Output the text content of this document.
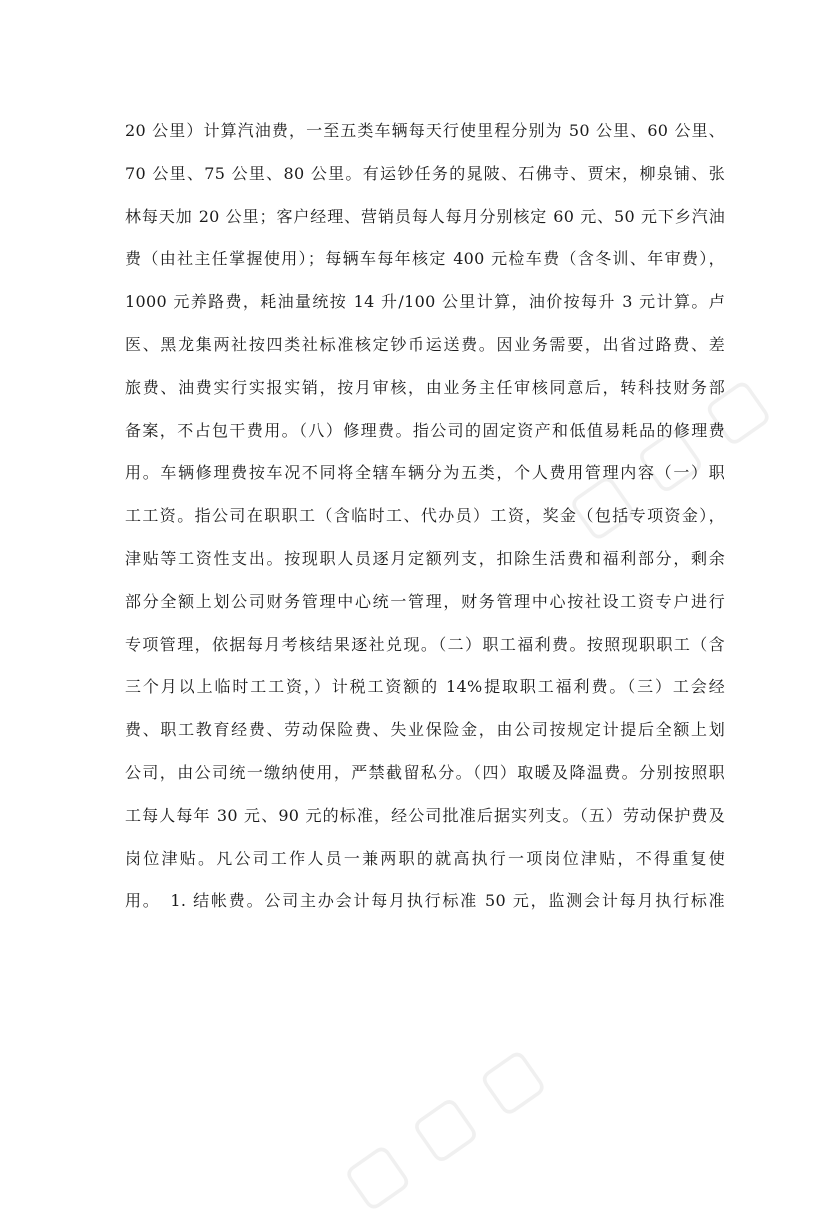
▢ ▢ ▢
▢ ▢ ▢
20 公里）计算汽油费，一至五类车辆每天行使里程分别为 50 公里、60 公里、
70 公里、75 公里、80 公里。有运钞任务的晁陂、石佛寺、贾宋，柳泉铺、张
林每天加 20 公里；客户经理、营销员每人每月分别核定 60 元、50 元下乡汽油
费（由社主任掌握使用）；每辆车每年核定 400 元检车费（含冬训、年审费），
1000 元养路费，耗油量统按 14 升/100 公里计算，油价按每升 3 元计算。卢
医、黑龙集两社按四类社标准核定钞币运送费。因业务需要，出省过路费、差
旅费、油费实行实报实销，按月审核，由业务主任审核同意后，转科技财务部
备案，不占包干费用。（八）修理费。指公司的固定资产和低值易耗品的修理费
用。车辆修理费按车况不同将全辖车辆分为五类，个人费用管理内容（一）职
工工资。指公司在职职工（含临时工、代办员）工资，奖金（包括专项资金），
津贴等工资性支出。按现职人员逐月定额列支，扣除生活费和福利部分，剩余
部分全额上划公司财务管理中心统一管理，财务管理中心按社设工资专户进行
专项管理，依据每月考核结果逐社兑现。（二）职工福利费。按照现职职工（含
三个月以上临时工工资，）计税工资额的 14%提取职工福利费。（三）工会经
费、职工教育经费、劳动保险费、失业保险金，由公司按规定计提后全额上划
公司，由公司统一缴纳使用，严禁截留私分。（四）取暖及降温费。分别按照职
工每人每年 30 元、90 元的标准，经公司批准后据实列支。（五）劳动保护费及
岗位津贴。凡公司工作人员一兼两职的就高执行一项岗位津贴，不得重复使
用。　1. 结帐费。公司主办会计每月执行标准 50 元，监测会计每月执行标准
